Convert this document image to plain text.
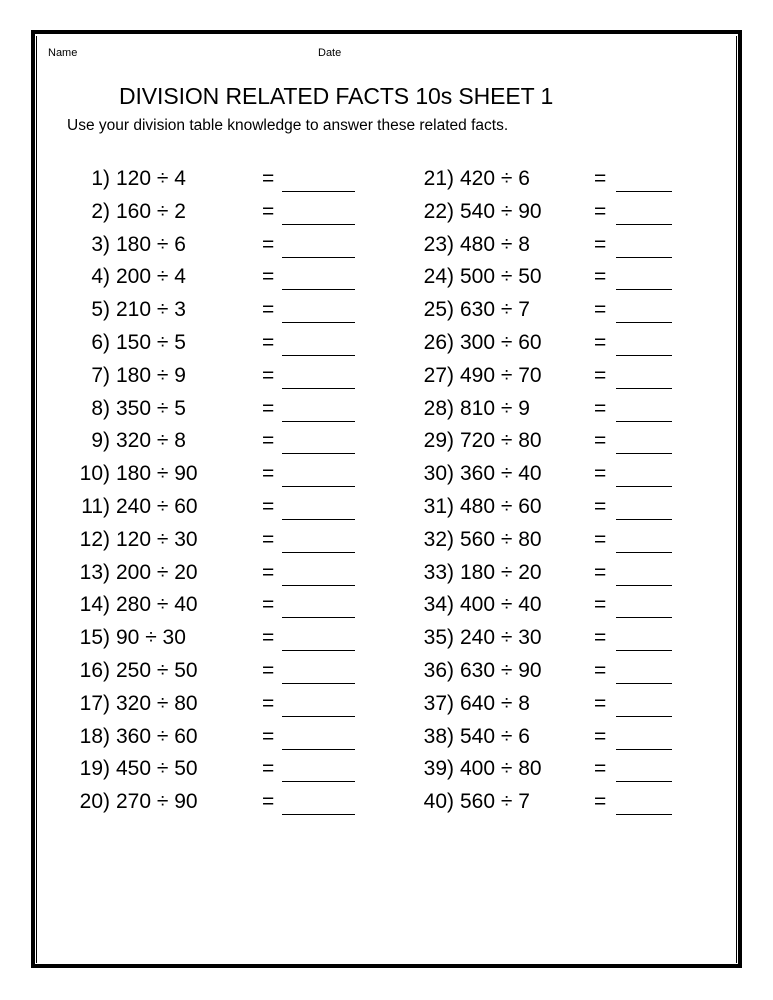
Name	Date
DIVISION RELATED FACTS 10s SHEET 1
Use your division table knowledge to answer these related facts.
1) 120 ÷ 4	=
2) 160 ÷ 2	=
3) 180 ÷ 6	=
4) 200 ÷ 4	=
5) 210 ÷ 3	=
6) 150 ÷ 5	=
7) 180 ÷ 9	=
8) 350 ÷ 5	=
9) 320 ÷ 8	=
10) 180 ÷ 90	=
11) 240 ÷ 60	=
12) 120 ÷ 30	=
13) 200 ÷ 20	=
14) 280 ÷ 40	=
15) 90 ÷ 30	=
16) 250 ÷ 50	=
17) 320 ÷ 80	=
18) 360 ÷ 60	=
19) 450 ÷ 50	=
20) 270 ÷ 90	=
21) 420 ÷ 6	=
22) 540 ÷ 90 =
23) 480 ÷ 8	=
24) 500 ÷ 50 =
25) 630 ÷ 7	=
26) 300 ÷ 60 =
27) 490 ÷ 70 =
28) 810 ÷ 9	=
29) 720 ÷ 80 =
30) 360 ÷ 40 =
31) 480 ÷ 60 =
32) 560 ÷ 80 =
33) 180 ÷ 20 =
34) 400 ÷ 40 =
35) 240 ÷ 30 =
36) 630 ÷ 90 =
37) 640 ÷ 8	=
38) 540 ÷ 6	=
39) 400 ÷ 80 =
40) 560 ÷ 7	=
